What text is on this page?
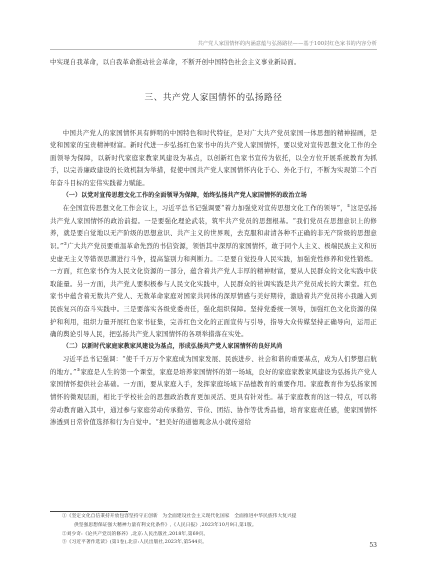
共产党人家国情怀的内涵意蕴与弘扬路径——基于100封红色家书的内容分析

中实现自我革命，以自我革命推动社会革命，不断开创中国特色社会主义事业新局面。

三、共产党人家国情怀的弘扬路径

中国共产党人的家国情怀具有鲜明的中国特色和时代特征，是对广大共产党员家国一体思想的精神描画，是党和国家的宝贵精神财富。新时代进一步弘扬红色家书中的共产党人家国情怀，要以党对宣传思想文化工作的全面领导为保障，以新时代家庭家教家风建设为基点，以创新红色家书宣传为依托，以全方位开展系统教育为抓手，以完善廉政建设的长效机制为举措，促使中国共产党人家国情怀内化于心、外化于行，不断为实现第二个百年奋斗目标的宏伟实践蓄力赋能。

（一）以党对宣传思想文化工作的全面领导为保障，始终弘扬共产党人家国情怀的政治立场

在全国宣传思想文化工作会议上，习近平总书记强调要“着力加强党对宣传思想文化工作的领导”，①这是弘扬共产党人家国情怀的政治前提。一是要强化理论武装，筑牢共产党员的思想根基。“我们党员在思想意识上的修养，就是要自觉地以无产阶级的思想意识、共产主义的世界观，去克服和肃清各种不正确的非无产阶级的思想意识。”②广大共产党员要重温革命先烈的书信资源，领悟其中深厚的家国情怀，敢于同个人主义、极端民族主义和历史虚无主义等错误思潮进行斗争，提高鉴别力和判断力。二是要自觉投身人民实践，加强党性修养和党性锻炼。一方面，红色家书作为人民文化资源的一部分，蕴含着共产党人丰厚的精神财富，要从人民群众的文化实践中获取能量。另一方面，共产党人要积极参与人民文化实践中，人民群众的社调实践是共产党员成长的大课堂。红色家书中蕴含着无数共产党人、无数革命家庭对国家共同体的深厚情感与美好期待，激励着共产党员将小我融入到民族复兴的奋斗实践中。三是要落实各级党委责任，强化组织保障。坚持党委统一领导，加强红色文化资源的保护和利用，组织力量开展红色家书征集，完善红色文化的正面宣传与引导，指导大众传媒坚持正确导向，运用正确的舆论引导人民，把弘扬共产党人家国情怀的各项举措落在实处。

（二）以新时代家庭家教家风建设为基点，形成弘扬共产党人家国情怀的良好风尚

习近平总书记强调：“使千千万万个家庭成为国家发展、民族进步、社会和谐的重要基点，成为人们梦想启航的地方。”③家庭是人生的第一个课堂，家庭是培养家国情怀的第一场域，良好的家庭家教家风建设为弘扬共产党人家国情怀提供社会基础。一方面，要从家庭入手，发挥家庭场域下品德教育的重要作用。家庭教育作为弘扬家国情怀的微观层面，相比于学校社会的思想政治教育更加灵活、更具有针对性。基于家庭教育的这一特点，可以将劳动教育融入其中，通过参与家庭劳动传承勤劳、节俭、团结、协作等优秀品德，培育家庭责任感，使家国情怀渗透到日常价值选择和行为自觉中。“把美好的道德观念从小就传递给

①《坚定文化自信秉持开放包容坚持守正创新　为全面建设社会主义现代化国家　全面推进中华民族伟大复兴提

供坚强思想保证强大精神力量有利文化条件》,《人民日报》,2023年10月9日,第1版。

②刘少奇:《论共产党员的修养》,北京:人民出版社,2018年,第69页。

③《习近平著作选读》(第1卷),北京:人民出版社,2023年,第544页。	53
